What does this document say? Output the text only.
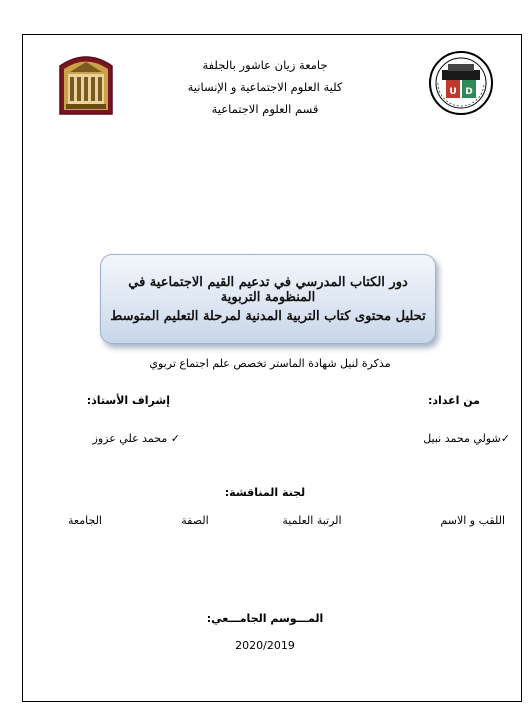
U D
جامعة زيان عاشور بالجلفة
كلية العلوم الاجتماعية و الإنسانية
قسم العلوم الاجتماعية
دور الكتاب المدرسي في تدعيم القيم الاجتماعية في المنظومة التربوية
تحليل محتوى كتاب التربية المدنية لمرحلة التعليم المتوسط
مذكرة لنيل شهادة الماستر تخصص علم اجتماع تربوي
من اعداد:
إشراف الأستاذ:
✓شولي محمد نبيل
✓ محمد علي عزوز
لجنة المناقشة:
اللقب و الاسم
الرتبة العلمية
الصفة
الجامعة
المـــوسم الجامـــعي:
2020/2019
